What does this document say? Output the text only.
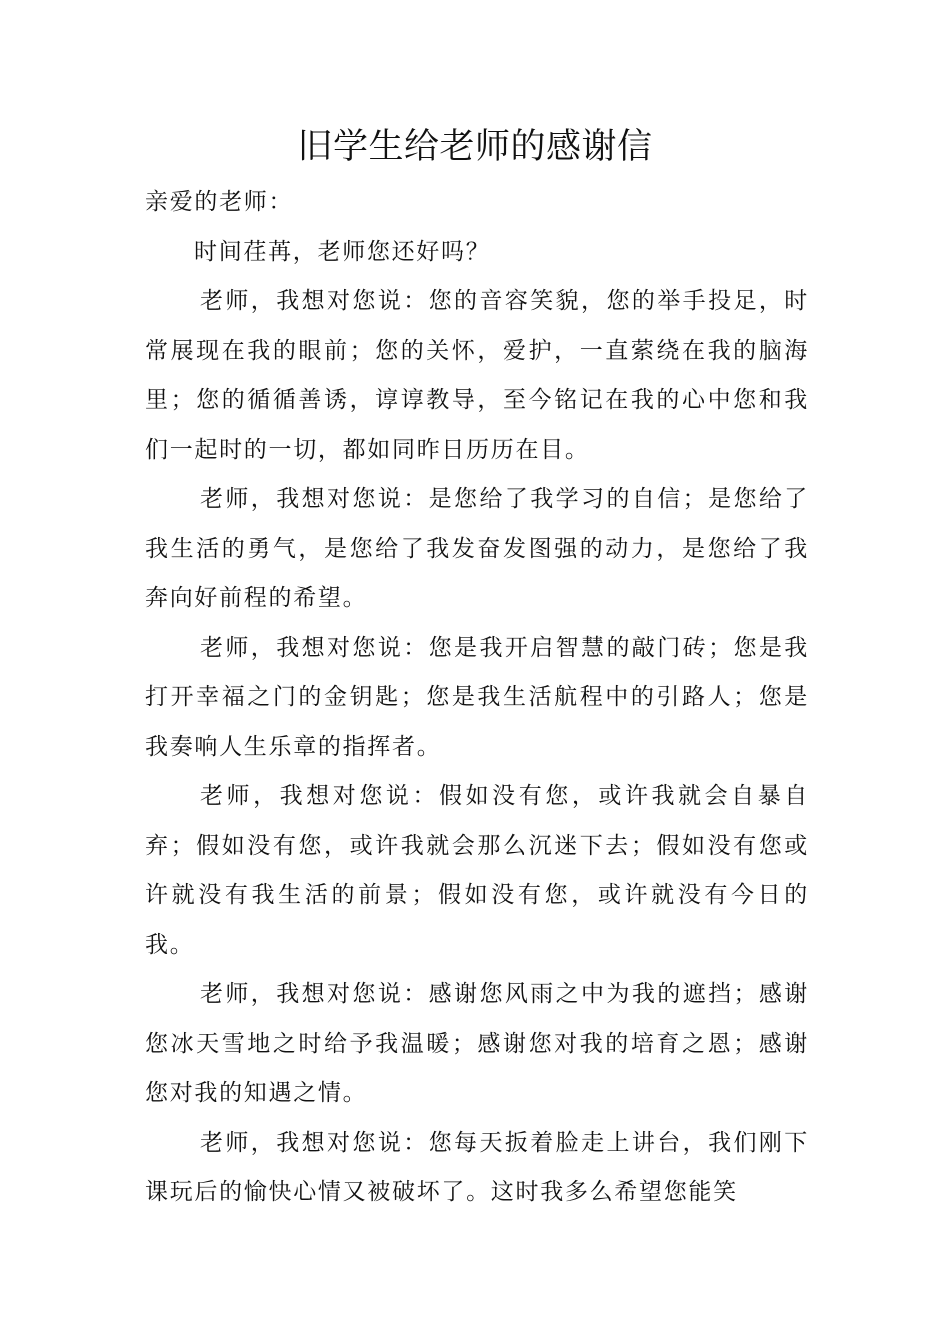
旧学生给老师的感谢信

亲爱的老师：

时间荏苒，老师您还好吗？

老师，我想对您说：您的音容笑貌，您的举手投足，时常展现在我的眼前；您的关怀，爱护，一直萦绕在我的脑海里；您的循循善诱，谆谆教导，至今铭记在我的心中您和我们一起时的一切，都如同昨日历历在目。

老师，我想对您说：是您给了我学习的自信；是您给了我生活的勇气，是您给了我发奋发图强的动力，是您给了我奔向好前程的希望。

老师，我想对您说：您是我开启智慧的敲门砖；您是我打开幸福之门的金钥匙；您是我生活航程中的引路人；您是我奏响人生乐章的指挥者。

老师，我想对您说：假如没有您，或许我就会自暴自弃；假如没有您，或许我就会那么沉迷下去；假如没有您或许就没有我生活的前景；假如没有您，或许就没有今日的我。

老师，我想对您说：感谢您风雨之中为我的遮挡；感谢您冰天雪地之时给予我温暖；感谢您对我的培育之恩；感谢您对我的知遇之情。

老师，我想对您说：您每天扳着脸走上讲台，我们刚下课玩后的愉快心情又被破坏了。这时我多么希望您能笑
